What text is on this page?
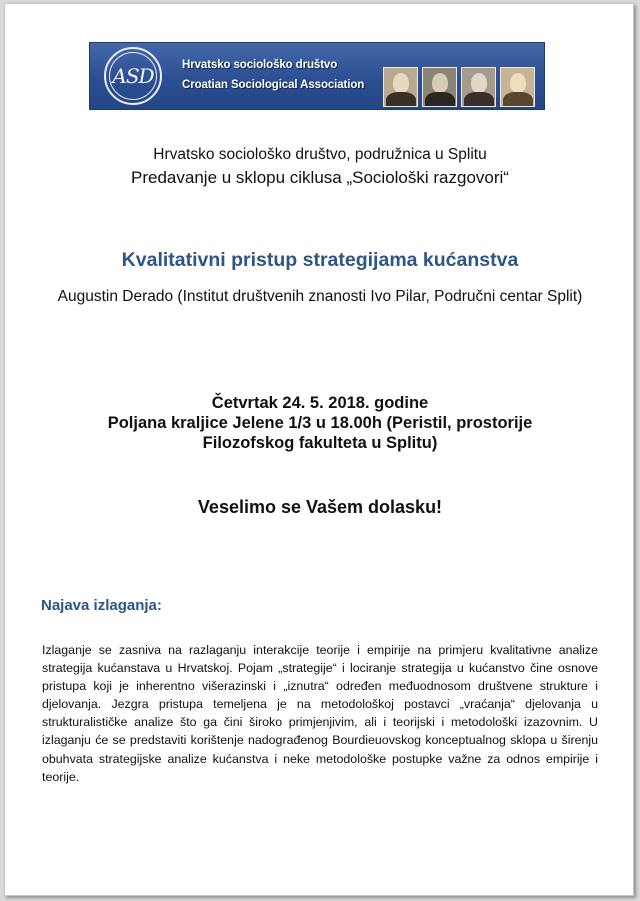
ASD Hrvatsko sociološko društvo
Croatian Sociological Association
Hrvatsko sociološko društvo, podružnica u Splitu
Predavanje u sklopu ciklusa „Sociološki razgovori“
Kvalitativni pristup strategijama kućanstva
Augustin Derado (Institut društvenih znanosti Ivo Pilar, Područni centar Split)
Četvrtak 24. 5. 2018. godine
Poljana kraljice Jelene 1/3 u 18.00h (Peristil, prostorije
Filozofskog fakulteta u Splitu)
Veselimo se Vašem dolasku!
Najava izlaganja:
Izlaganje se zasniva na razlaganju interakcije teorije i empirije na primjeru kvalitativne analize strategija kućanstava u Hrvatskoj. Pojam „strategije“ i lociranje strategija u kućanstvo čine osnove pristupa koji je inherentno višerazinski i „iznutra“ određen međuodnosom društvene strukture i djelovanja. Jezgra pristupa temeljena je na metodološkoj postavci „vraćanja“ djelovanja u strukturalističke analize što ga čini široko primjenjivim, ali i teorijski i metodološki izazovnim. U izlaganju će se predstaviti korištenje nadograđenog Bourdieuovskog konceptualnog sklopa u širenju obuhvata strategijske analize kućanstva i neke metodološke postupke važne za odnos empirije i teorije.
